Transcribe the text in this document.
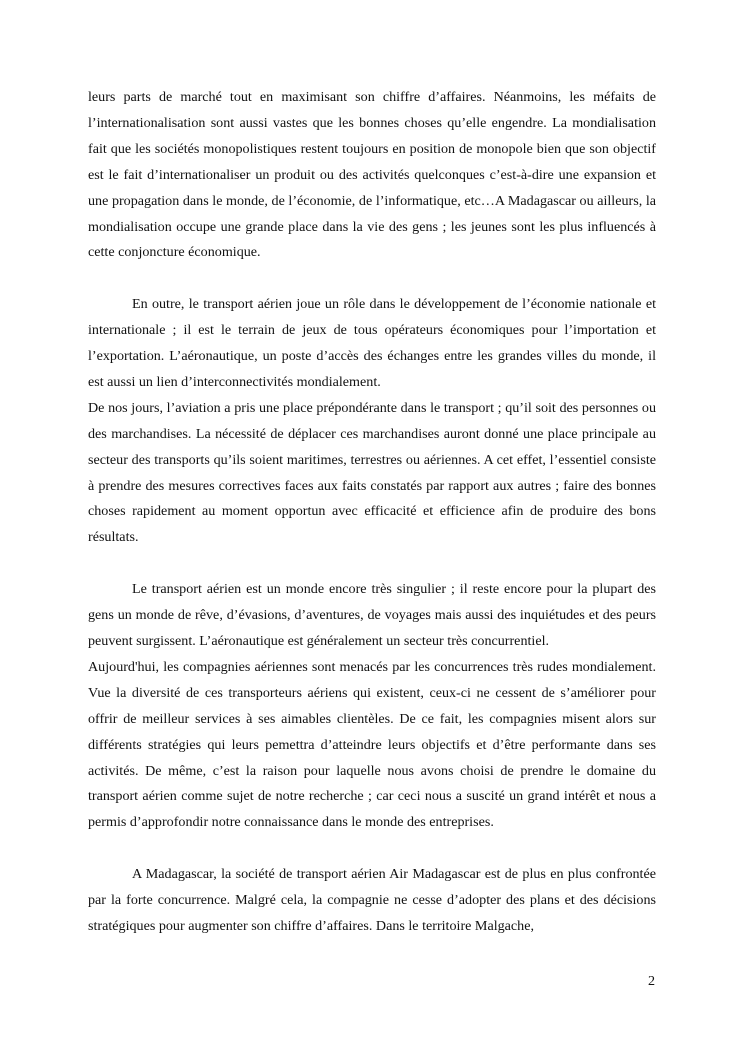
leurs parts de marché tout en maximisant son chiffre d’affaires. Néanmoins, les méfaits de l’internationalisation sont aussi vastes que les bonnes choses qu’elle engendre. La mondialisation fait que les sociétés monopolistiques restent toujours en position de monopole bien que son objectif est le fait d’internationaliser un produit ou des activités quelconques c’est-à-dire une expansion et une propagation dans le monde, de l’économie, de l’informatique, etc…A Madagascar ou ailleurs, la mondialisation occupe une grande place dans la vie des gens ; les jeunes sont les plus influencés à cette conjoncture économique.

En outre, le transport aérien joue un rôle dans le développement de l’économie nationale et internationale ; il est le terrain de jeux de tous opérateurs économiques pour l’importation et l’exportation. L’aéronautique, un poste d’accès des échanges entre les grandes villes du monde, il est aussi un lien d’interconnectivités mondialement.

De nos jours, l’aviation a pris une place prépondérante dans le transport ; qu’il soit des personnes ou des marchandises. La nécessité de déplacer ces marchandises auront donné une place principale au secteur des transports qu’ils soient maritimes, terrestres ou aériennes. A cet effet, l’essentiel consiste à prendre des mesures correctives faces aux faits constatés par rapport aux autres ; faire des bonnes choses rapidement au moment opportun avec efficacité et efficience afin de produire des bons résultats.

Le transport aérien est un monde encore très singulier ; il reste encore pour la plupart des gens un monde de rêve, d’évasions, d’aventures, de voyages mais aussi des inquiétudes et des peurs peuvent surgissent. L’aéronautique est généralement un secteur très concurrentiel.

Aujourd'hui, les compagnies aériennes sont menacés par les concurrences très rudes mondialement. Vue la diversité de ces transporteurs aériens qui existent, ceux-ci ne cessent de s’améliorer pour offrir de meilleur services à ses aimables clientèles. De ce fait, les compagnies misent alors sur différents stratégies qui leurs pemettra d’atteindre leurs objectifs et d’être performante dans ses activités. De même, c’est la raison pour laquelle nous avons choisi de prendre le domaine du transport aérien comme sujet de notre recherche ; car ceci nous a suscité un grand intérêt et nous a permis d’approfondir notre connaissance dans le monde des entreprises.

A Madagascar, la société de transport aérien Air Madagascar est de plus en plus confrontée par la forte concurrence. Malgré cela, la compagnie ne cesse d’adopter des plans et des décisions stratégiques pour augmenter son chiffre d’affaires. Dans le territoire Malgache,

2
